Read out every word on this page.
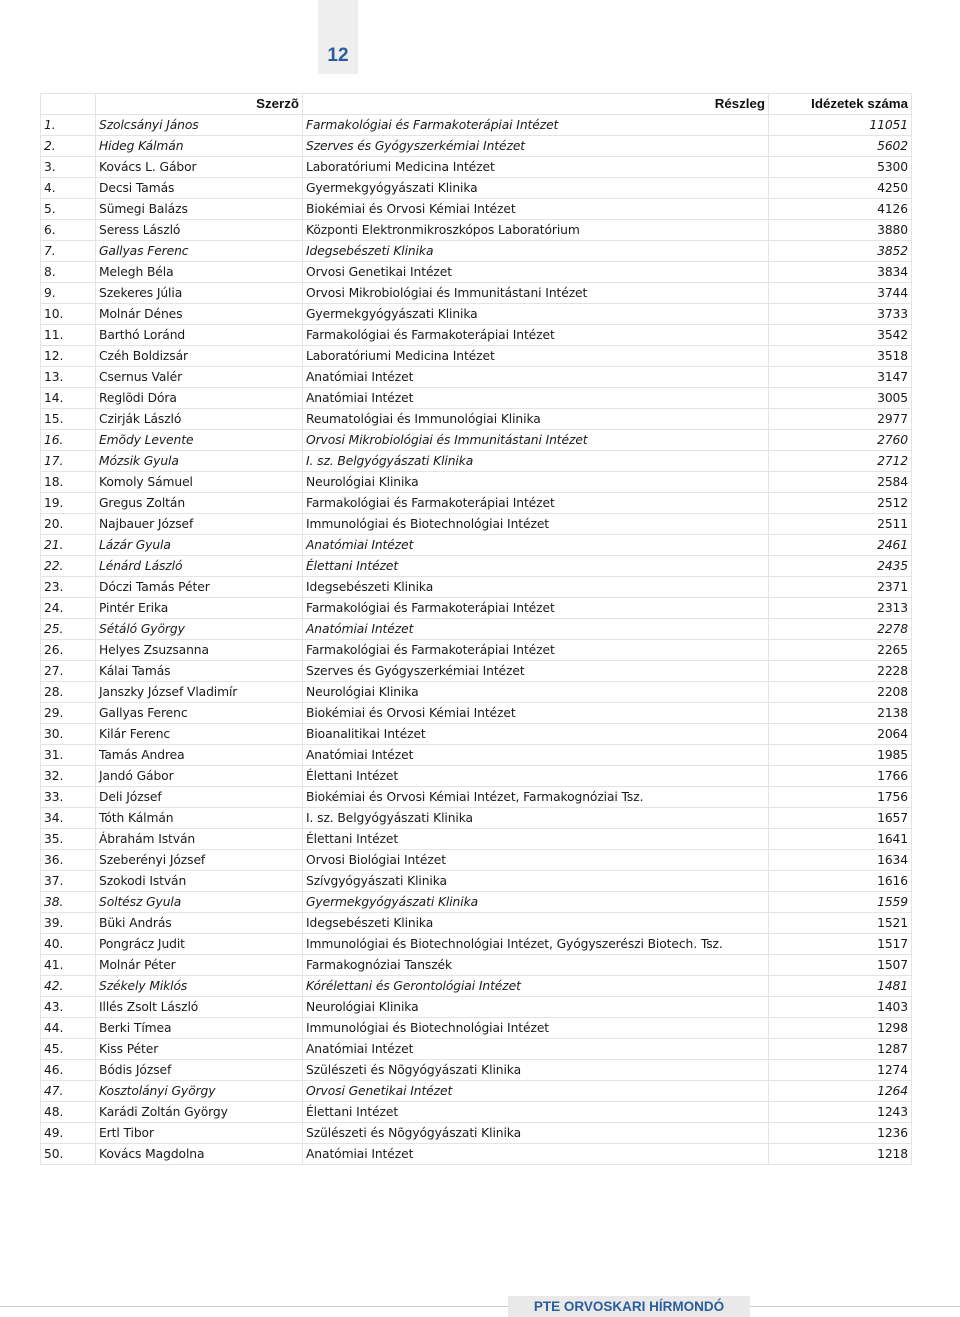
12
	Szerzõ	Részleg	Idézetek száma
1.	Szolcsányi János	Farmakológiai és Farmakoterápiai Intézet	11051
2.	Hideg Kálmán	Szerves és Gyógyszerkémiai Intézet	5602
3.	Kovács L. Gábor	Laboratóriumi Medicina Intézet	5300
4.	Decsi Tamás	Gyermekgyógyászati Klinika	4250
5.	Sümegi Balázs	Biokémiai és Orvosi Kémiai Intézet	4126
6.	Seress László	Központi Elektronmikroszkópos Laboratórium	3880
7.	Gallyas Ferenc	Idegsebészeti Klinika	3852
8.	Melegh Béla	Orvosi Genetikai Intézet	3834
9.	Szekeres Júlia	Orvosi Mikrobiológiai és Immunitástani Intézet	3744
10.	Molnár Dénes	Gyermekgyógyászati Klinika	3733
11.	Barthó Loránd	Farmakológiai és Farmakoterápiai Intézet	3542
12.	Czéh Boldizsár	Laboratóriumi Medicina Intézet	3518
13.	Csernus Valér	Anatómiai Intézet	3147
14.	Reglõdi Dóra	Anatómiai Intézet	3005
15.	Czirják László	Reumatológiai és Immunológiai Klinika	2977
16.	Emõdy Levente	Orvosi Mikrobiológiai és Immunitástani Intézet	2760
17.	Mózsik Gyula	I. sz. Belgyógyászati Klinika	2712
18.	Komoly Sámuel	Neurológiai Klinika	2584
19.	Gregus Zoltán	Farmakológiai és Farmakoterápiai Intézet	2512
20.	Najbauer József	Immunológiai és Biotechnológiai Intézet	2511
21.	Lázár Gyula	Anatómiai Intézet	2461
22.	Lénárd László	Élettani Intézet	2435
23.	Dóczi Tamás Péter	Idegsebészeti Klinika	2371
24.	Pintér Erika	Farmakológiai és Farmakoterápiai Intézet	2313
25.	Sétáló György	Anatómiai Intézet	2278
26.	Helyes Zsuzsanna	Farmakológiai és Farmakoterápiai Intézet	2265
27.	Kálai Tamás	Szerves és Gyógyszerkémiai Intézet	2228
28.	Janszky József Vladimír	Neurológiai Klinika	2208
29.	Gallyas Ferenc	Biokémiai és Orvosi Kémiai Intézet	2138
30.	Kilár Ferenc	Bioanalitikai Intézet	2064
31.	Tamás Andrea	Anatómiai Intézet	1985
32.	Jandó Gábor	Élettani Intézet	1766
33.	Deli József	Biokémiai és Orvosi Kémiai Intézet, Farmakognóziai Tsz.	1756
34.	Tóth Kálmán	I. sz. Belgyógyászati Klinika	1657
35.	Ábrahám István	Élettani Intézet	1641
36.	Szeberényi József	Orvosi Biológiai Intézet	1634
37.	Szokodi István	Szívgyógyászati Klinika	1616
38.	Soltész Gyula	Gyermekgyógyászati Klinika	1559
39.	Büki András	Idegsebészeti Klinika	1521
40.	Pongrácz Judit	Immunológiai és Biotechnológiai Intézet, Gyógyszerészi Biotech. Tsz.	1517
41.	Molnár Péter	Farmakognóziai Tanszék	1507
42.	Székely Miklós	Kórélettani és Gerontológiai Intézet	1481
43.	Illés Zsolt László	Neurológiai Klinika	1403
44.	Berki Tímea	Immunológiai és Biotechnológiai Intézet	1298
45.	Kiss Péter	Anatómiai Intézet	1287
46.	Bódis József	Szülészeti és Nõgyógyászati Klinika	1274
47.	Kosztolányi György	Orvosi Genetikai Intézet	1264
48.	Karádi Zoltán György	Élettani Intézet	1243
49.	Ertl Tibor	Szülészeti és Nõgyógyászati Klinika	1236
50.	Kovács Magdolna	Anatómiai Intézet	1218
PTE ORVOSKARI HÍRMONDÓ
